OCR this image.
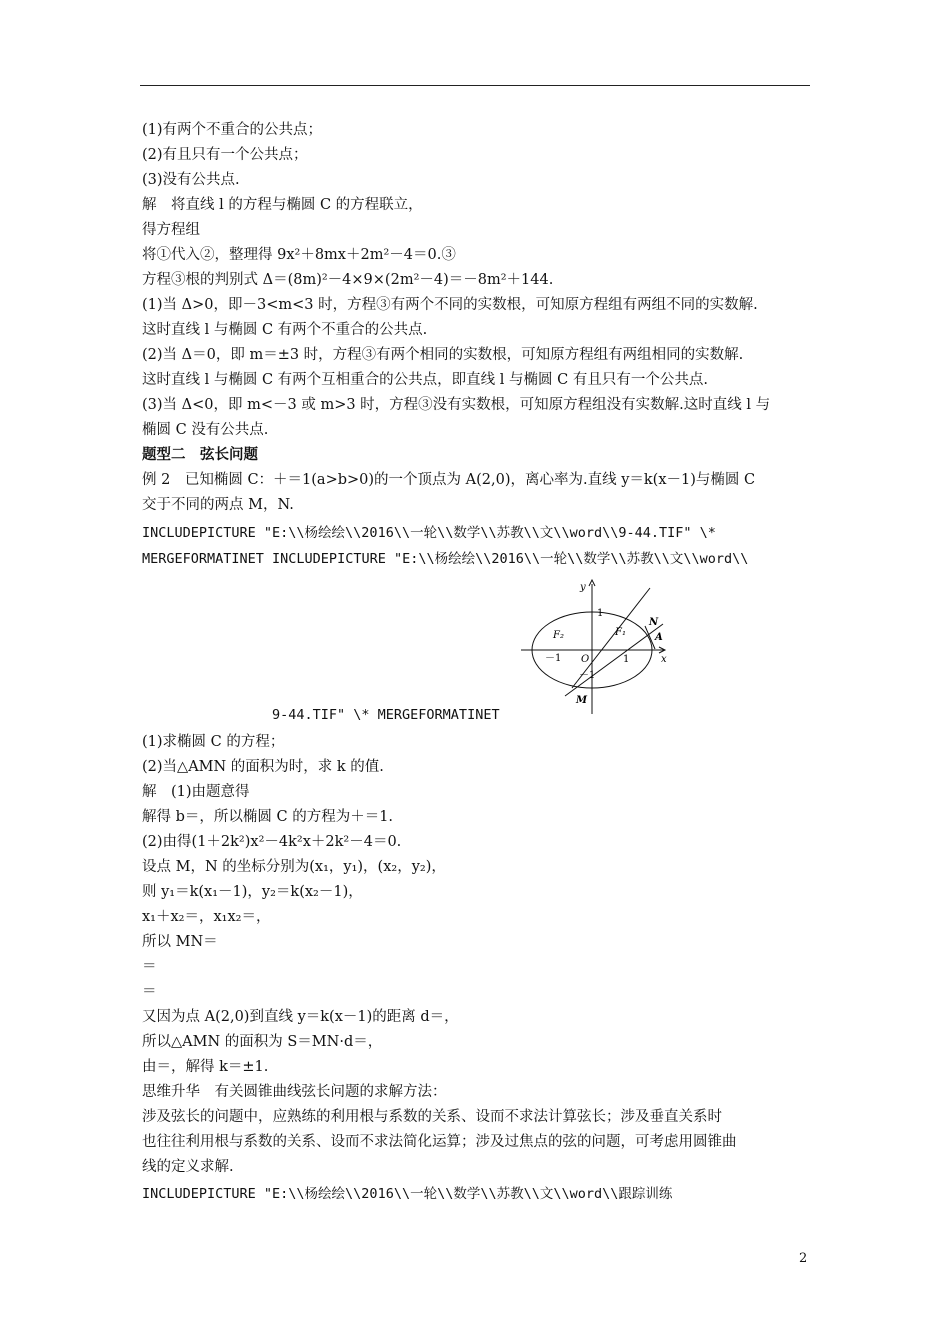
(1)有两个不重合的公共点；
(2)有且只有一个公共点；
(3)没有公共点.
解　将直线 l 的方程与椭圆 C 的方程联立，
得方程组
将①代入②，整理得 9x²＋8mx＋2m²－4＝0.③
方程③根的判别式 Δ＝(8m)²－4×9×(2m²－4)＝－8m²＋144.
(1)当 Δ>0，即－3<m<3 时，方程③有两个不同的实数根，可知原方程组有两组不同的实数解.
这时直线 l 与椭圆 C 有两个不重合的公共点.
(2)当 Δ＝0，即 m＝±3 时，方程③有两个相同的实数根，可知原方程组有两组相同的实数解.
这时直线 l 与椭圆 C 有两个互相重合的公共点，即直线 l 与椭圆 C 有且只有一个公共点.
(3)当 Δ<0，即 m<－3 或 m>3 时，方程③没有实数根，可知原方程组没有实数解.这时直线 l 与
椭圆 C 没有公共点.
题型二　弦长问题
例 2　已知椭圆 C：＋＝1(a>b>0)的一个顶点为 A(2,0)，离心率为.直线 y＝k(x－1)与椭圆 C
交于不同的两点 M，N.
INCLUDEPICTURE "E:\\杨绘绘\\2016\\一轮\\数学\\苏教\\文\\word\\9-44.TIF" \*
MERGEFORMATINET INCLUDEPICTURE "E:\\杨绘绘\\2016\\一轮\\数学\\苏教\\文\\word\\
y
x
1
F₂	F₁
N
A
－1 O	1
－1
M
9-44.TIF" \* MERGEFORMATINET
(1)求椭圆 C 的方程；
(2)当△AMN 的面积为时，求 k 的值.
解　(1)由题意得
解得 b＝，所以椭圆 C 的方程为＋＝1.
(2)由得(1＋2k²)x²－4k²x＋2k²－4＝0.
设点 M，N 的坐标分别为(x₁，y₁)，(x₂，y₂)，
则 y₁＝k(x₁－1)，y₂＝k(x₂－1)，
x₁＋x₂＝，x₁x₂＝，
所以 MN＝
＝
＝
又因为点 A(2,0)到直线 y＝k(x－1)的距离 d＝，
所以△AMN 的面积为 S＝MN·d＝，
由＝，解得 k＝±1.
思维升华　有关圆锥曲线弦长问题的求解方法：
涉及弦长的问题中，应熟练的利用根与系数的关系、设而不求法计算弦长；涉及垂直关系时
也往往利用根与系数的关系、设而不求法简化运算；涉及过焦点的弦的问题，可考虑用圆锥曲
线的定义求解.
INCLUDEPICTURE "E:\\杨绘绘\\2016\\一轮\\数学\\苏教\\文\\word\\跟踪训练
2
